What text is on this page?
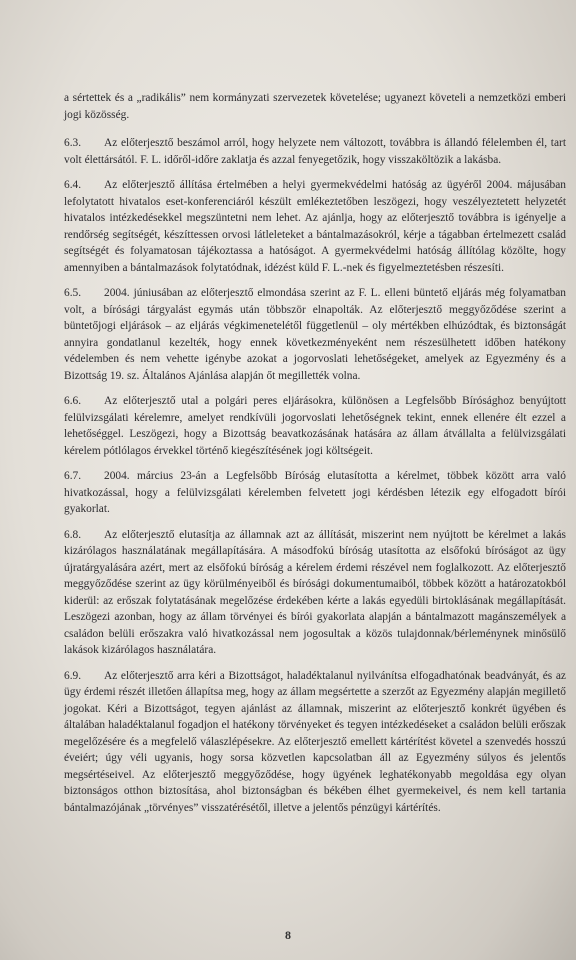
a sértettek és a „radikális” nem kormányzati szervezetek követelése; ugyanezt követeli a nemzetközi emberi jogi közösség.

6.3. Az előterjesztő beszámol arról, hogy helyzete nem változott, továbbra is állandó félelemben él, tart volt élettársától. F. L. időről-időre zaklatja és azzal fenyegetőzik, hogy visszaköltözik a lakásba.

6.4. Az előterjesztő állítása értelmében a helyi gyermekvédelmi hatóság az ügyéről 2004. májusában lefolytatott hivatalos eset-konferenciáról készült emlékeztetőben leszögezi, hogy veszélyeztetett helyzetét hivatalos intézkedésekkel megszüntetni nem lehet. Az ajánlja, hogy az előterjesztő továbbra is igényelje a rendőrség segítségét, készíttessen orvosi látleleteket a bántalmazásokról, kérje a tágabban értelmezett család segítségét és folyamatosan tájékoztassa a hatóságot. A gyermekvédelmi hatóság állítólag közölte, hogy amennyiben a bántalmazások folytatódnak, idézést küld F. L.-nek és figyelmeztetésben részesíti.

6.5. 2004. júniusában az előterjesztő elmondása szerint az F. L. elleni büntető eljárás még folyamatban volt, a bírósági tárgyalást egymás után többször elnapolták. Az előterjesztő meggyőződése szerint a büntetőjogi eljárások – az eljárás végkimenetelétől függetlenül – oly mértékben elhúzódtak, és biztonságát annyira gondatlanul kezelték, hogy ennek következményeként nem részesülhetett időben hatékony védelemben és nem vehette igénybe azokat a jogorvoslati lehetőségeket, amelyek az Egyezmény és a Bizottság 19. sz. Általános Ajánlása alapján őt megillették volna.

6.6. Az előterjesztő utal a polgári peres eljárásokra, különösen a Legfelsőbb Bírósághoz benyújtott felülvizsgálati kérelemre, amelyet rendkívüli jogorvoslati lehetőségnek tekint, ennek ellenére élt ezzel a lehetőséggel. Leszögezi, hogy a Bizottság beavatkozásának hatására az állam átvállalta a felülvizsgálati kérelem pótlólagos érvekkel történő kiegészítésének jogi költségeit.

6.7. 2004. március 23-án a Legfelsőbb Bíróság elutasította a kérelmet, többek között arra való hivatkozással, hogy a felülvizsgálati kérelemben felvetett jogi kérdésben létezik egy elfogadott bírói gyakorlat.

6.8. Az előterjesztő elutasítja az államnak azt az állítását, miszerint nem nyújtott be kérelmet a lakás kizárólagos használatának megállapítására. A másodfokú bíróság utasította az elsőfokú bíróságot az ügy újratárgyalására azért, mert az elsőfokú bíróság a kérelem érdemi részével nem foglalkozott. Az előterjesztő meggyőződése szerint az ügy körülményeiből és bírósági dokumentumaiból, többek között a határozatokból kiderül: az erőszak folytatásának megelőzése érdekében kérte a lakás egyedüli birtoklásának megállapítását. Leszögezi azonban, hogy az állam törvényei és bírói gyakorlata alapján a bántalmazott magánszemélyek a családon belüli erőszakra való hivatkozással nem jogosultak a közös tulajdonnak/bérleménynek minősülő lakások kizárólagos használatára.

6.9. Az előterjesztő arra kéri a Bizottságot, haladéktalanul nyilvánítsa elfogadhatónak beadványát, és az ügy érdemi részét illetően állapítsa meg, hogy az állam megsértette a szerzőt az Egyezmény alapján megillető jogokat. Kéri a Bizottságot, tegyen ajánlást az államnak, miszerint az előterjesztő konkrét ügyében és általában haladéktalanul fogadjon el hatékony törvényeket és tegyen intézkedéseket a családon belüli erőszak megelőzésére és a megfelelő válaszlépésekre. Az előterjesztő emellett kártérítést követel a szenvedés hosszú éveiért; úgy véli ugyanis, hogy sorsa közvetlen kapcsolatban áll az Egyezmény súlyos és jelentős megsértéseivel. Az előterjesztő meggyőződése, hogy ügyének leghatékonyabb megoldása egy olyan biztonságos otthon biztosítása, ahol biztonságban és békében élhet gyermekeivel, és nem kell tartania bántalmazójának „törvényes” visszatérésétől, illetve a jelentős pénzügyi kártérítés.

8
